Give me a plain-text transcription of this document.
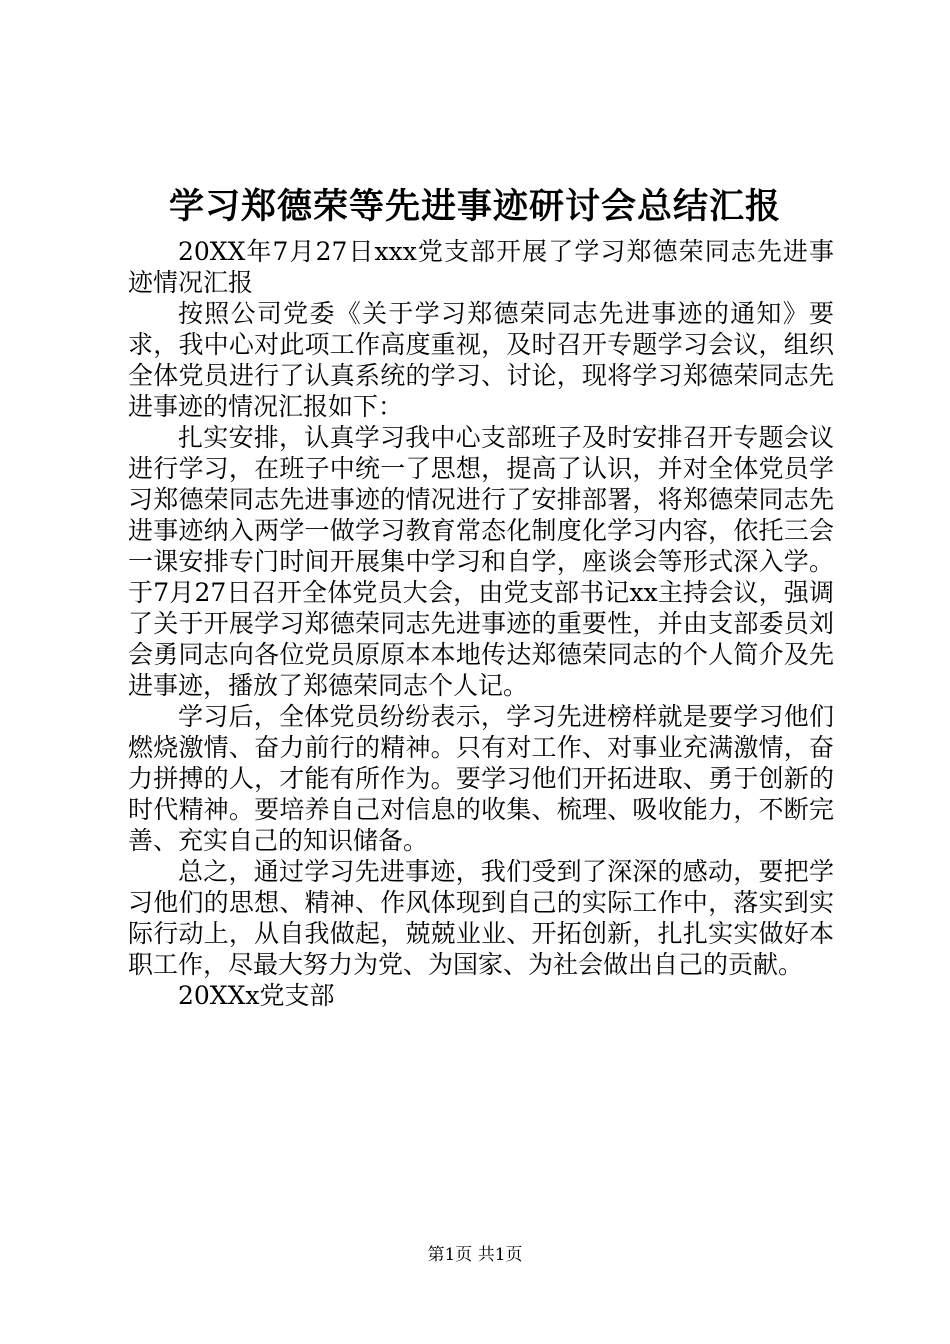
学习郑德荣等先进事迹研讨会总结汇报

20XX年7月27日xxx党支部开展了学习郑德荣同志先进事迹情况汇报

按照公司党委《关于学习郑德荣同志先进事迹的通知》要求，我中心对此项工作高度重视，及时召开专题学习会议，组织全体党员进行了认真系统的学习、讨论，现将学习郑德荣同志先进事迹的情况汇报如下：

扎实安排，认真学习我中心支部班子及时安排召开专题会议进行学习，在班子中统一了思想，提高了认识，并对全体党员学习郑德荣同志先进事迹的情况进行了安排部署，将郑德荣同志先进事迹纳入两学一做学习教育常态化制度化学习内容，依托三会一课安排专门时间开展集中学习和自学，座谈会等形式深入学。于7月27日召开全体党员大会，由党支部书记xx主持会议，强调了关于开展学习郑德荣同志先进事迹的重要性，并由支部委员刘会勇同志向各位党员原原本本地传达郑德荣同志的个人简介及先进事迹，播放了郑德荣同志个人记。

学习后，全体党员纷纷表示，学习先进榜样就是要学习他们燃烧激情、奋力前行的精神。只有对工作、对事业充满激情，奋力拼搏的人，才能有所作为。要学习他们开拓进取、勇于创新的时代精神。要培养自己对信息的收集、梳理、吸收能力，不断完善、充实自己的知识储备。

总之，通过学习先进事迹，我们受到了深深的感动，要把学习他们的思想、精神、作风体现到自己的实际工作中，落实到实际行动上，从自我做起，兢兢业业、开拓创新，扎扎实实做好本职工作，尽最大努力为党、为国家、为社会做出自己的贡献。

20XXx党支部

第1页 共1页
